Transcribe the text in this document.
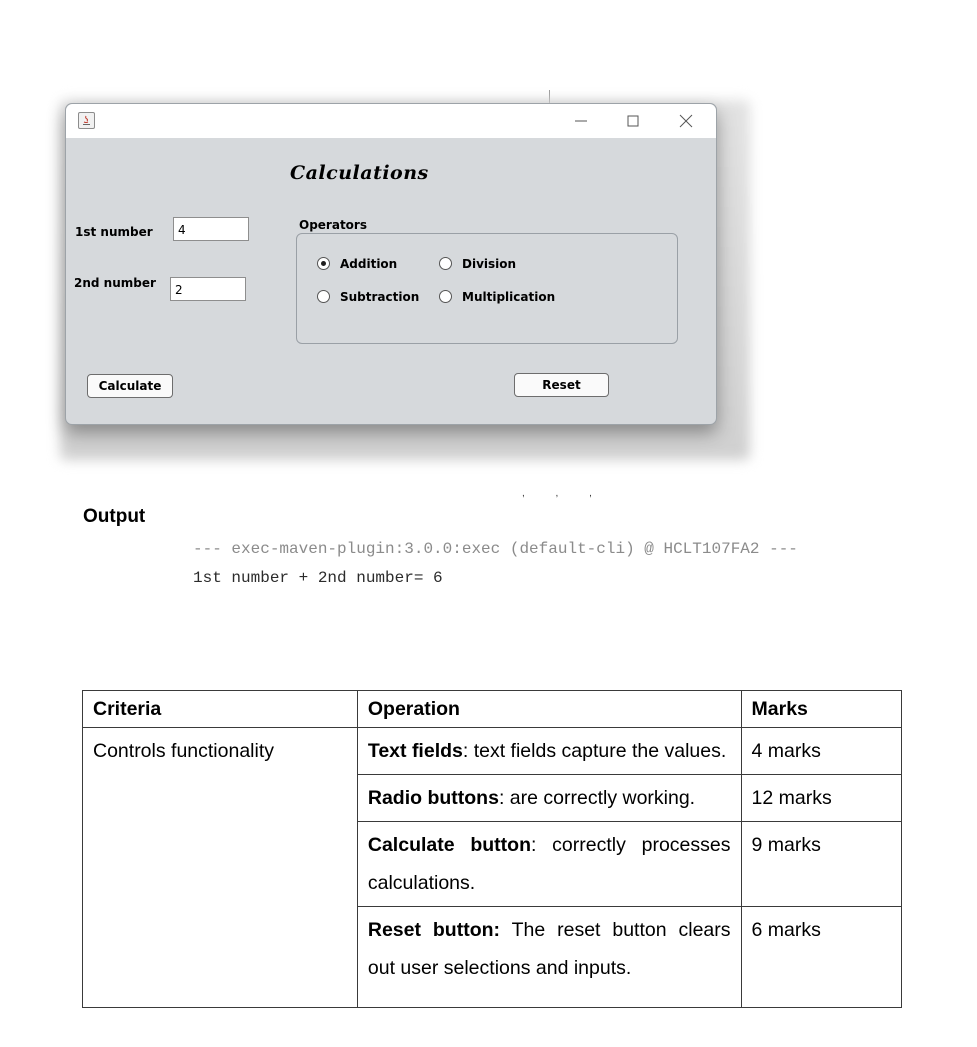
Calculations
1st number	4
2nd number	2
Operators
Addition	Division
Subtraction	Multiplication
Calculate	Reset
, , ,
Output
--- exec-maven-plugin:3.0.0:exec (default-cli) @ HCLT107FA2 ---
1st number + 2nd number= 6
Criteria	Operation	Marks
Controls functionality	Text fields: text fields capture the values.	4 marks
	Radio buttons: are correctly working.	12 marks
	Calculate button: correctly processes calculations.	9 marks
	Reset button: The reset button clears out user selections and inputs.	6 marks
